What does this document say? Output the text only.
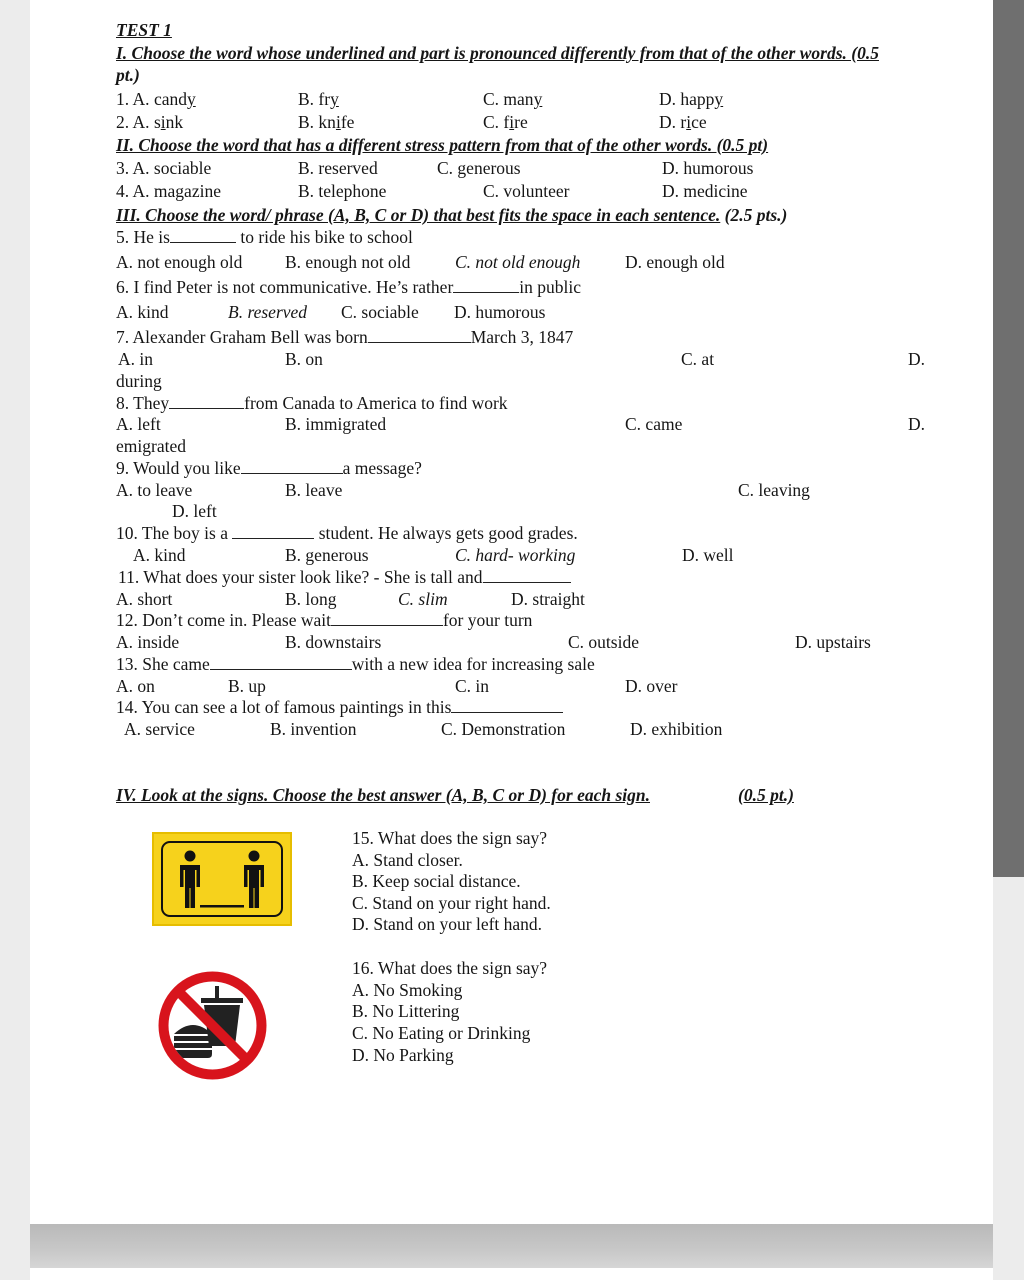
TEST 1
I. Choose the word whose underlined and part is pronounced differently from that of the other words. (0.5
pt.)
1. A. candy	B. fry	C. many	D. happy
2. A. sink	B. knife	C. fire	D. rice
II. Choose the word that has a different stress pattern from that of the other words. (0.5 pt)
3. A. sociable	B. reserved	C. generous	D. humorous
4. A. magazine	B. telephone	C. volunteer	D. medicine
III. Choose the word/ phrase (A, B, C or D) that best fits the space in each sentence. (2.5 pts.)
5. He is	to ride his bike to school
A. not enough old B. enough not old	C. not old enough	D. enough old
6. I find Peter is not communicative. He’s rather	in public
A. kind	B. reserved C. sociable D. humorous
7. Alexander Graham Bell was born	March 3, 1847
A. in	B. on	C. at	D.
during
8. They	from Canada to America to find work
A. left	B. immigrated	C. came	D.
emigrated
9. Would you like	a message?
A. to leave	B. leave	C. leaving
D. left
10. The boy is a	student. He always gets good grades.
A. kind	B. generous	C. hard- working	D. well
11. What does your sister look like? - She is tall and
A. short	B. long	C. slim	D. straight
12. Don’t come in. Please wait	for your turn
A. inside	B. downstairs	C. outside	D. upstairs
13. She came	with a new idea for increasing sale
A. on	B. up	C. in	D. over
14. You can see a lot of famous paintings in this
A. service	B. invention	C. Demonstration	D. exhibition
IV. Look at the signs. Choose the best answer (A, B, C or D) for each sign.	(0.5 pt.)
15. What does the sign say?
A. Stand closer.
B. Keep social distance.
C. Stand on your right hand.
D. Stand on your left hand.
16. What does the sign say?
A. No Smoking
B. No Littering
C. No Eating or Drinking
D. No Parking
